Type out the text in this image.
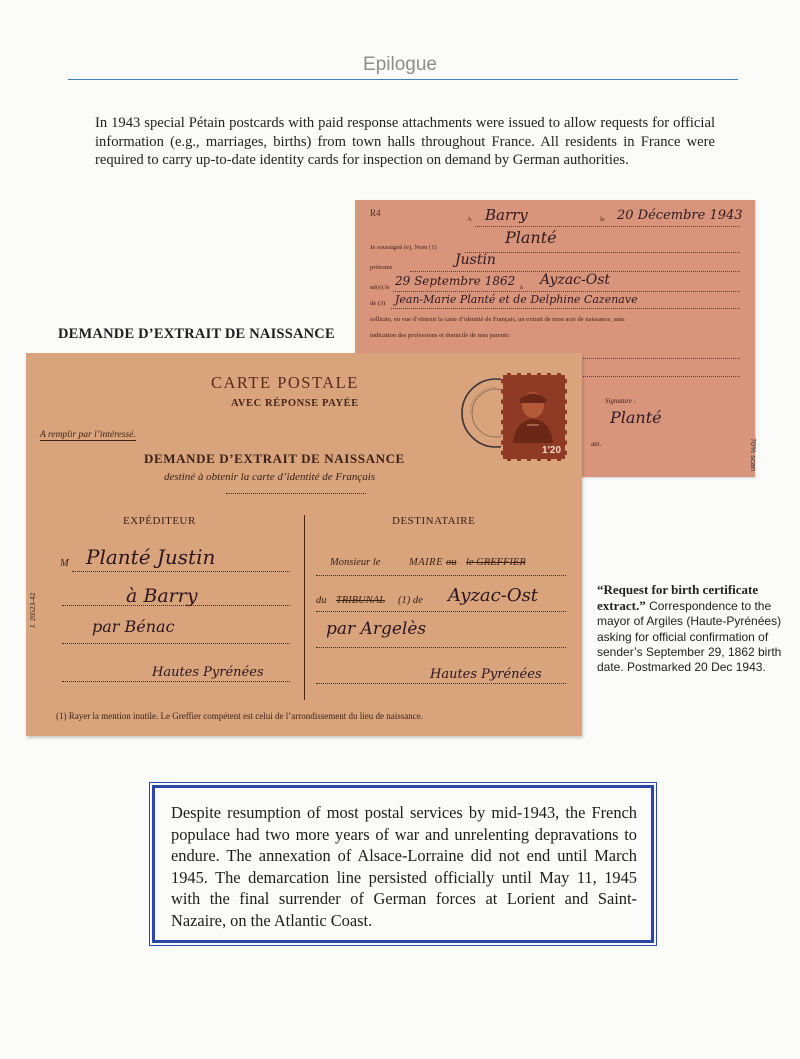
Epilogue
In 1943 special Pétain postcards with paid response attachments were issued to allow requests for official information (e.g., marriages, births) from town halls throughout France. All residents in France were required to carry up-to-date identity cards for inspection on demand by German authorities.
R4
A Barry	le 20 Décembre 1943
Je soussigné (e), Nom (1)
Planté
prénoms	Justin
né(e) le 29 Septembre 1862 à Ayzac-Ost
de (3) Jean-Marie Planté et de Delphine Cazenave
sollicite, en vue d’obtenir la carte d’identité de Français, un extrait de mon acte de naissance, sans
indication des professions et domicile de mes parents:
Signature :
Planté
ant.	70% scan
DEMANDE D’EXTRAIT DE NAISSANCE
CARTE POSTALE
AVEC RÉPONSE PAYÉE
A remplir par l’intéressé.
DEMANDE D’EXTRAIT DE NAISSANCE
destiné à obtenir la carte d’identité de Français
EXPÉDITEUR	DESTINATAIRE
M Planté Justin
à Barry
par Bénac
Hautes Pyrénées
Monsieur le	MAIRE ou le GREFFIER
du TRIBUNAL (1) de Ayzac-Ost
par Argelès
Hautes Pyrénées
(1) Rayer la mention inutile. Le Greffier compétent est celui de l’arrondissement du lieu de naissance.
J. 20523-42
1'20
“Request for birth certificate extract.” Correspondence to the mayor of Argiles (Haute-Pyrénées) asking for official confirmation of sender’s September 29, 1862 birth date. Postmarked 20 Dec 1943.
Despite resumption of most postal services by mid-1943, the French populace had two more years of war and unrelenting depravations to endure. The annexation of Alsace-Lorraine did not end until March 1945. The demarcation line persisted officially until May 11, 1945 with the final surrender of German forces at Lorient and Saint-Nazaire, on the Atlantic Coast.
